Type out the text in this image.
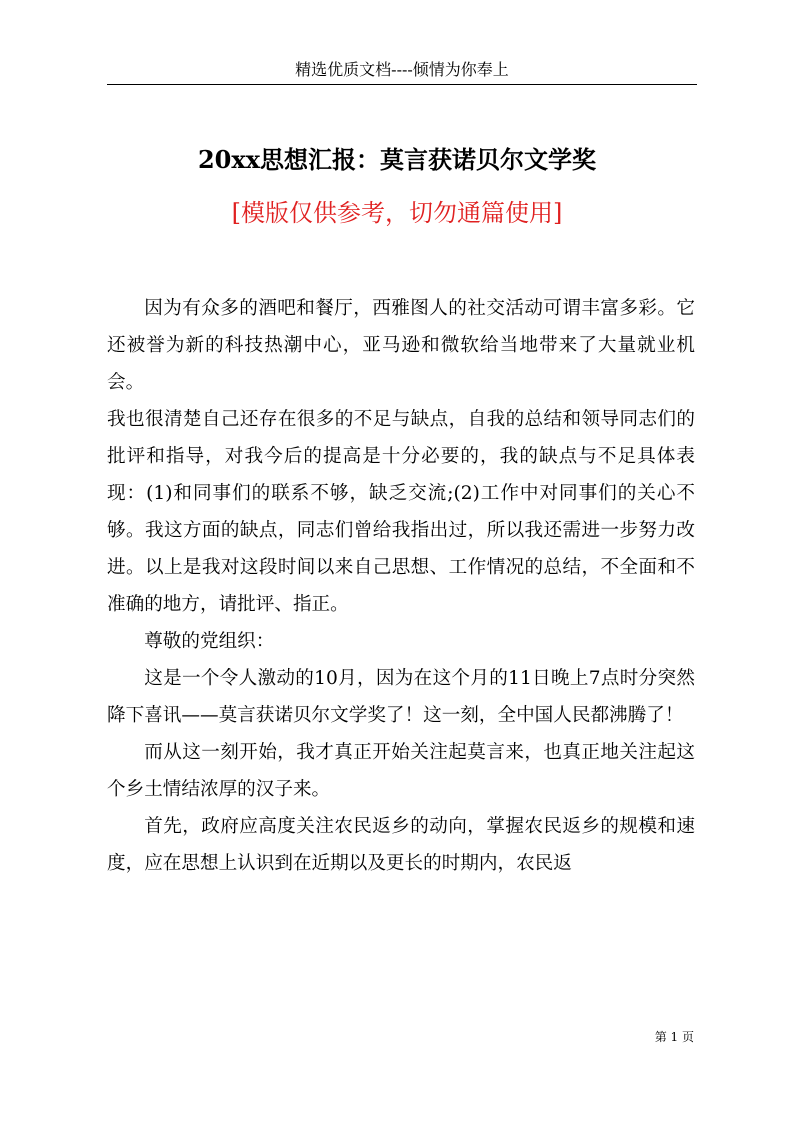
精选优质文档----倾情为你奉上
20xx思想汇报：莫言获诺贝尔文学奖
[模版仅供参考，切勿通篇使用]

因为有众多的酒吧和餐厅，西雅图人的社交活动可谓丰富多彩。它还被誉为新的科技热潮中心，亚马逊和微软给当地带来了大量就业机会。

我也很清楚自己还存在很多的不足与缺点，自我的总结和领导同志们的批评和指导，对我今后的提高是十分必要的，我的缺点与不足具体表现：(1)和同事们的联系不够，缺乏交流;(2)工作中对同事们的关心不够。我这方面的缺点，同志们曾给我指出过，所以我还需进一步努力改进。以上是我对这段时间以来自己思想、工作情况的总结，不全面和不准确的地方，请批评、指正。

尊敬的党组织：

这是一个令人激动的10月，因为在这个月的11日晚上7点时分突然降下喜讯——莫言获诺贝尔文学奖了！这一刻，全中国人民都沸腾了！

而从这一刻开始，我才真正开始关注起莫言来，也真正地关注起这个乡土情结浓厚的汉子来。

首先，政府应高度关注农民返乡的动向，掌握农民返乡的规模和速度，应在思想上认识到在近期以及更长的时期内，农民返

第 1 页
